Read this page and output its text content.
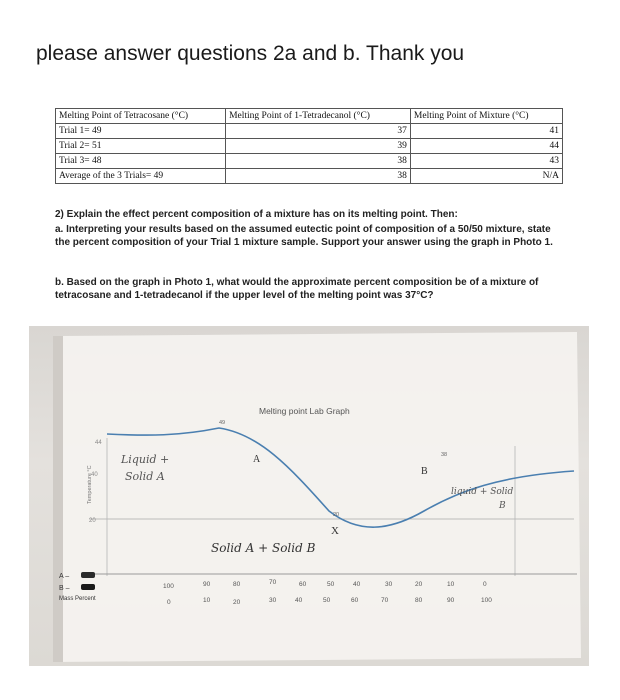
please answer questions 2a and b. Thank you
Melting Point of Tetracosane (°C)	Melting Point of 1-Tetradecanol (°C)	Melting Point of Mixture (°C)
Trial 1= 49	37	41
Trial 2= 51	39	44
Trial 3= 48	38	43
Average of the 3 Trials= 49	38	N/A
2) Explain the effect percent composition of a mixture has on its melting point. Then:
a. Interpreting your results based on the assumed eutectic point of composition of a 50/50 mixture, state the percent composition of your Trial 1 mixture sample. Support your answer using the graph in Photo 1.
b. Based on the graph in Photo 1, what would the approximate percent composition be of a mixture of tetracosane and 1-tetradecanol if the upper level of the melting point was 37°C?
Melting point Lab Graph
Temperature °C
44
40
20
49
A	38
B
20
X
Liquid +
Solid A
liquid + Solid
B
Solid A + Solid B
A –
B –
Mass Percent
100	90	80	70	60	50	40	30	20	10	0
0	10	20	30	40	50	60	70	80	90	100
